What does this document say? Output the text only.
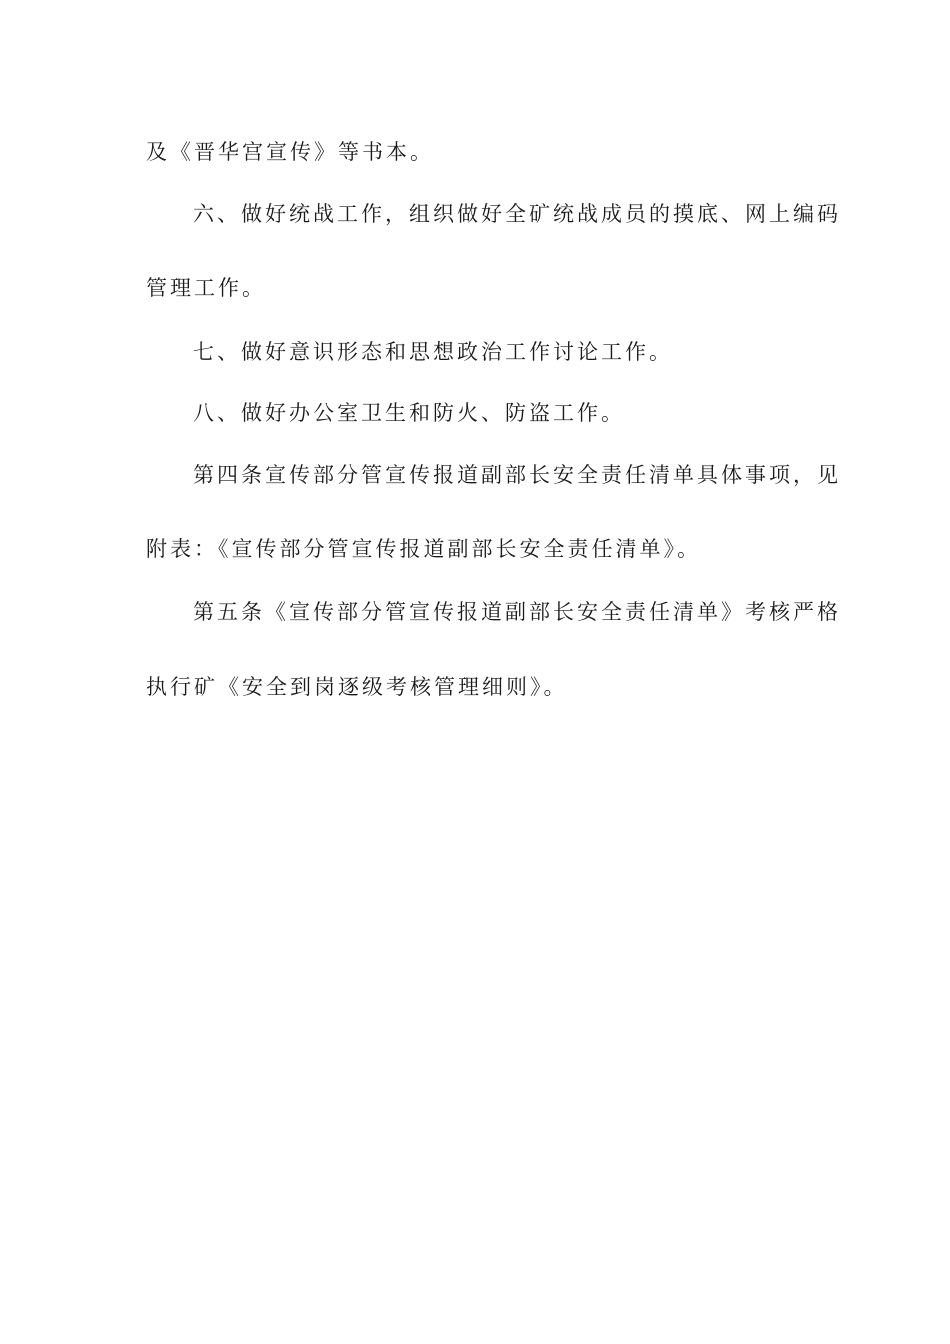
及《晋华宫宣传》等书本。
六、做好统战工作，组织做好全矿统战成员的摸底、网上编码
管理工作。
七、做好意识形态和思想政治工作讨论工作。
八、做好办公室卫生和防火、防盗工作。
第四条宣传部分管宣传报道副部长安全责任清单具体事项，见
附表：《宣传部分管宣传报道副部长安全责任清单》。
第五条《宣传部分管宣传报道副部长安全责任清单》考核严格
执行矿《安全到岗逐级考核管理细则》。
